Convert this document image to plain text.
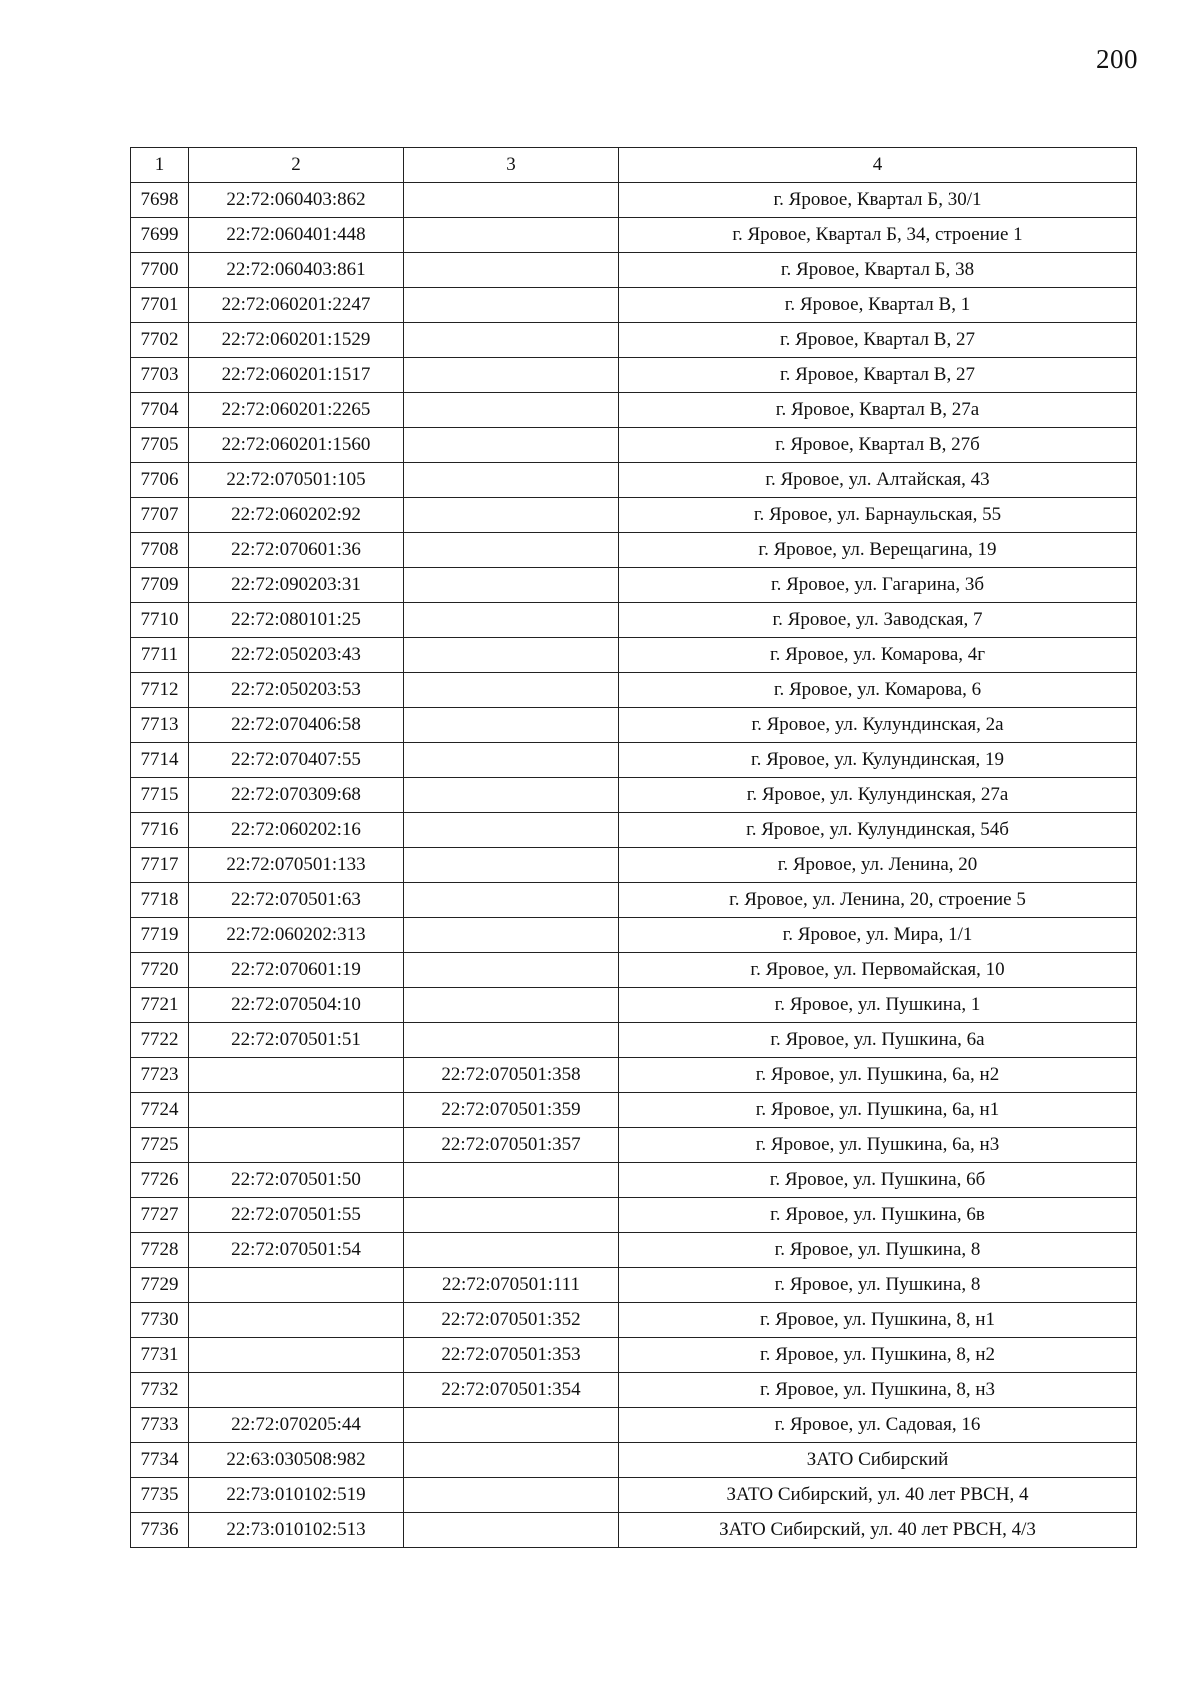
200
1	2	3	4
7698	22:72:060403:862		г. Яровое, Квартал Б, 30/1
7699	22:72:060401:448		г. Яровое, Квартал Б, 34, строение 1
7700	22:72:060403:861		г. Яровое, Квартал Б, 38
7701	22:72:060201:2247		г. Яровое, Квартал В, 1
7702	22:72:060201:1529		г. Яровое, Квартал В, 27
7703	22:72:060201:1517		г. Яровое, Квартал В, 27
7704	22:72:060201:2265		г. Яровое, Квартал В, 27а
7705	22:72:060201:1560		г. Яровое, Квартал В, 27б
7706	22:72:070501:105		г. Яровое, ул. Алтайская, 43
7707	22:72:060202:92		г. Яровое, ул. Барнаульская, 55
7708	22:72:070601:36		г. Яровое, ул. Верещагина, 19
7709	22:72:090203:31		г. Яровое, ул. Гагарина, 3б
7710	22:72:080101:25		г. Яровое, ул. Заводская, 7
7711	22:72:050203:43		г. Яровое, ул. Комарова, 4г
7712	22:72:050203:53		г. Яровое, ул. Комарова, 6
7713	22:72:070406:58		г. Яровое, ул. Кулундинская, 2а
7714	22:72:070407:55		г. Яровое, ул. Кулундинская, 19
7715	22:72:070309:68		г. Яровое, ул. Кулундинская, 27а
7716	22:72:060202:16		г. Яровое, ул. Кулундинская, 54б
7717	22:72:070501:133		г. Яровое, ул. Ленина, 20
7718	22:72:070501:63		г. Яровое, ул. Ленина, 20, строение 5
7719	22:72:060202:313		г. Яровое, ул. Мира, 1/1
7720	22:72:070601:19		г. Яровое, ул. Первомайская, 10
7721	22:72:070504:10		г. Яровое, ул. Пушкина, 1
7722	22:72:070501:51		г. Яровое, ул. Пушкина, 6а
7723		22:72:070501:358	г. Яровое, ул. Пушкина, 6а, н2
7724		22:72:070501:359	г. Яровое, ул. Пушкина, 6а, н1
7725		22:72:070501:357	г. Яровое, ул. Пушкина, 6а, н3
7726	22:72:070501:50		г. Яровое, ул. Пушкина, 6б
7727	22:72:070501:55		г. Яровое, ул. Пушкина, 6в
7728	22:72:070501:54		г. Яровое, ул. Пушкина, 8
7729		22:72:070501:111	г. Яровое, ул. Пушкина, 8
7730		22:72:070501:352	г. Яровое, ул. Пушкина, 8, н1
7731		22:72:070501:353	г. Яровое, ул. Пушкина, 8, н2
7732		22:72:070501:354	г. Яровое, ул. Пушкина, 8, н3
7733	22:72:070205:44		г. Яровое, ул. Садовая, 16
7734	22:63:030508:982		ЗАТО Сибирский
7735	22:73:010102:519		ЗАТО Сибирский, ул. 40 лет РВСН, 4
7736	22:73:010102:513		ЗАТО Сибирский, ул. 40 лет РВСН, 4/3
